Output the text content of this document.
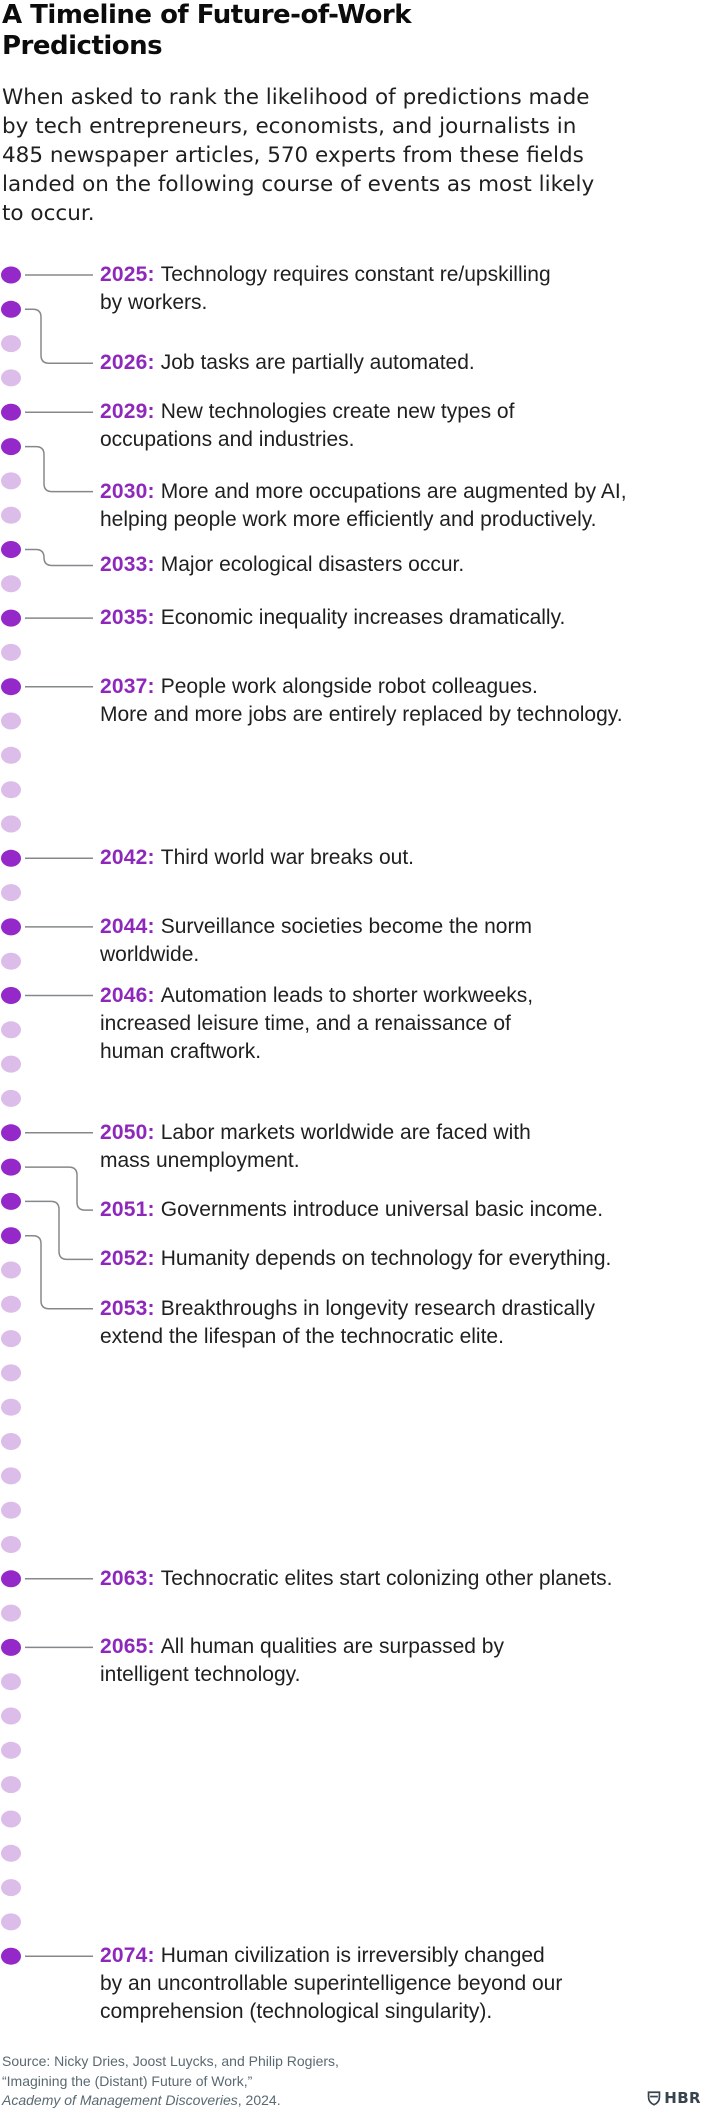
A Timeline of Future-of-Work
Predictions
When asked to rank the likelihood of predictions made
by tech entrepreneurs, economists, and journalists in
485 newspaper articles, 570 experts from these fields
landed on the following course of events as most likely
to occur.
2025: Technology requires constant re/upskilling
by workers.
2026: Job tasks are partially automated.
2029: New technologies create new types of
occupations and industries.
2030: More and more occupations are augmented by AI,
helping people work more efficiently and productively.
2033: Major ecological disasters occur.
2035: Economic inequality increases dramatically.
2037: People work alongside robot colleagues.
More and more jobs are entirely replaced by technology.
2042: Third world war breaks out.
2044: Surveillance societies become the norm
worldwide.
2046: Automation leads to shorter workweeks,
increased leisure time, and a renaissance of
human craftwork.
2050: Labor markets worldwide are faced with
mass unemployment.
2051: Governments introduce universal basic income.
2052: Humanity depends on technology for everything.
2053: Breakthroughs in longevity research drastically
extend the lifespan of the technocratic elite.
2063: Technocratic elites start colonizing other planets.
2065: All human qualities are surpassed by
intelligent technology.
2074: Human civilization is irreversibly changed
by an uncontrollable superintelligence beyond our
comprehension (technological singularity).
Source: Nicky Dries, Joost Luycks, and Philip Rogiers,
“Imagining the (Distant) Future of Work,”
Academy of Management Discoveries, 2024.	HBR
